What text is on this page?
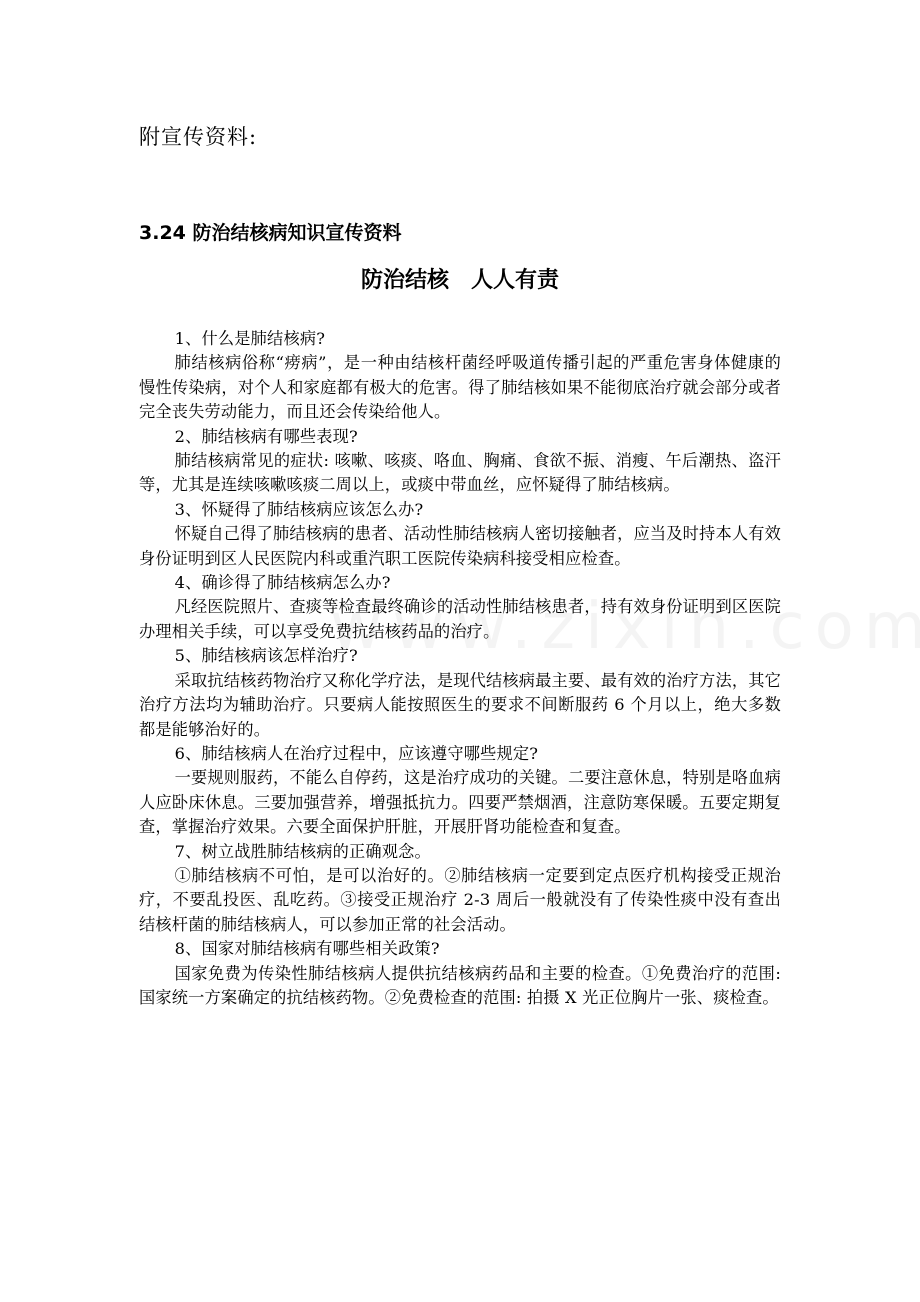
附宣传资料:
3.24 防治结核病知识宣传资料
防治结核　人人有责

1、什么是肺结核病?

肺结核病俗称“痨病”，是一种由结核杆菌经呼吸道传播引起的严重危害身体健康的慢性传染病，对个人和家庭都有极大的危害。得了肺结核如果不能彻底治疗就会部分或者完全丧失劳动能力，而且还会传染给他人。

2、肺结核病有哪些表现?

肺结核病常见的症状: 咳嗽、咳痰、咯血、胸痛、食欲不振、消瘦、午后潮热、盗汗等，尤其是连续咳嗽咳痰二周以上，或痰中带血丝，应怀疑得了肺结核病。

3、怀疑得了肺结核病应该怎么办?

怀疑自己得了肺结核病的患者、活动性肺结核病人密切接触者，应当及时持本人有效身份证明到区人民医院内科或重汽职工医院传染病科接受相应检查。

4、确诊得了肺结核病怎么办?

凡经医院照片、查痰等检查最终确诊的活动性肺结核患者，持有效身份证明到区医院办理相关手续，可以享受免费抗结核药品的治疗。

5、肺结核病该怎样治疗?

采取抗结核药物治疗又称化学疗法，是现代结核病最主要、最有效的治疗方法，其它治疗方法均为辅助治疗。只要病人能按照医生的要求不间断服药 6 个月以上，绝大多数都是能够治好的。

6、肺结核病人在治疗过程中，应该遵守哪些规定?

一要规则服药，不能么自停药，这是治疗成功的关键。二要注意休息，特别是咯血病人应卧床休息。三要加强营养，增强抵抗力。四要严禁烟酒，注意防寒保暖。五要定期复查，掌握治疗效果。六要全面保护肝脏，开展肝肾功能检查和复查。

7、树立战胜肺结核病的正确观念。

①肺结核病不可怕，是可以治好的。②肺结核病一定要到定点医疗机构接受正规治疗，不要乱投医、乱吃药。③接受正规治疗 2-3 周后一般就没有了传染性痰中没有查出结核杆菌的肺结核病人，可以参加正常的社会活动。

8、国家对肺结核病有哪些相关政策?

国家免费为传染性肺结核病人提供抗结核病药品和主要的检查。①免费治疗的范围: 国家统一方案确定的抗结核药物。②免费检查的范围: 拍摄 X 光正位胸片一张、痰检查。
